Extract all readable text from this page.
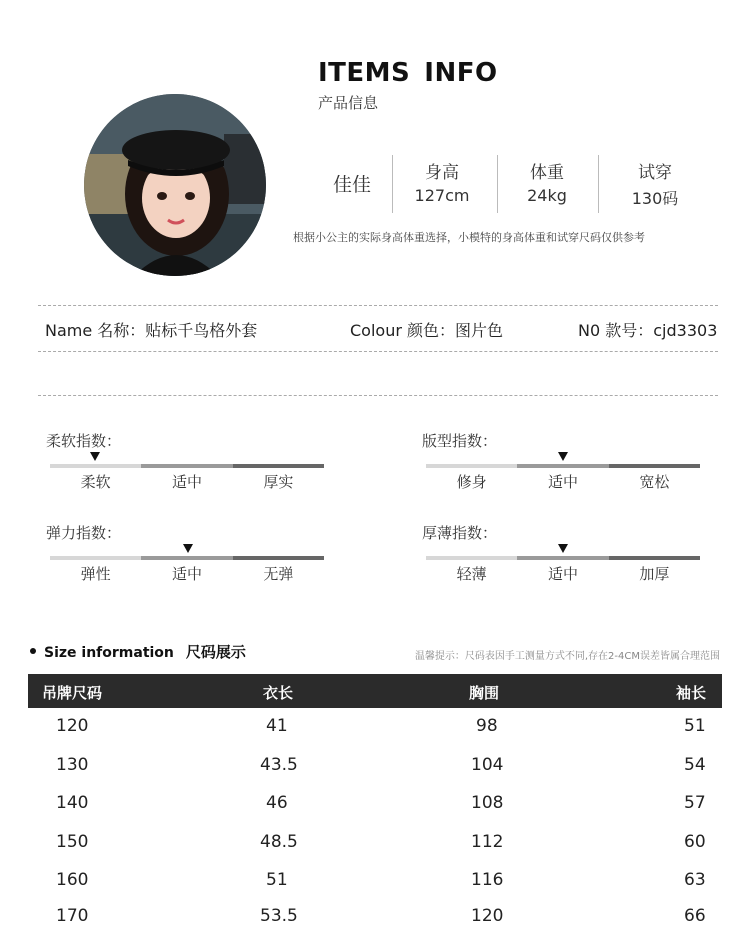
ITEMS INFO
产品信息
佳佳
身高
127cm
体重
24kg
试穿
130码
根据小公主的实际身高体重选择，小模特的身高体重和试穿尺码仅供参考
Name 名称：贴标千鸟格外套	Colour 颜色：图片色	N0 款号：cjd3303
柔软指数：
柔软	适中	厚实
版型指数：
修身	适中	宽松
弹力指数：
弹性	适中	无弹
厚薄指数：
轻薄	适中	加厚
Size information 尺码展示	温馨提示：尺码表因手工测量方式不同,存在2-4CM误差皆属合理范围
吊牌尺码	衣长	胸围	袖长
120	41	98	51
130	43.5	104	54
140	46	108	57
150	48.5	112	60
160	51	116	63
170	53.5	120	66
